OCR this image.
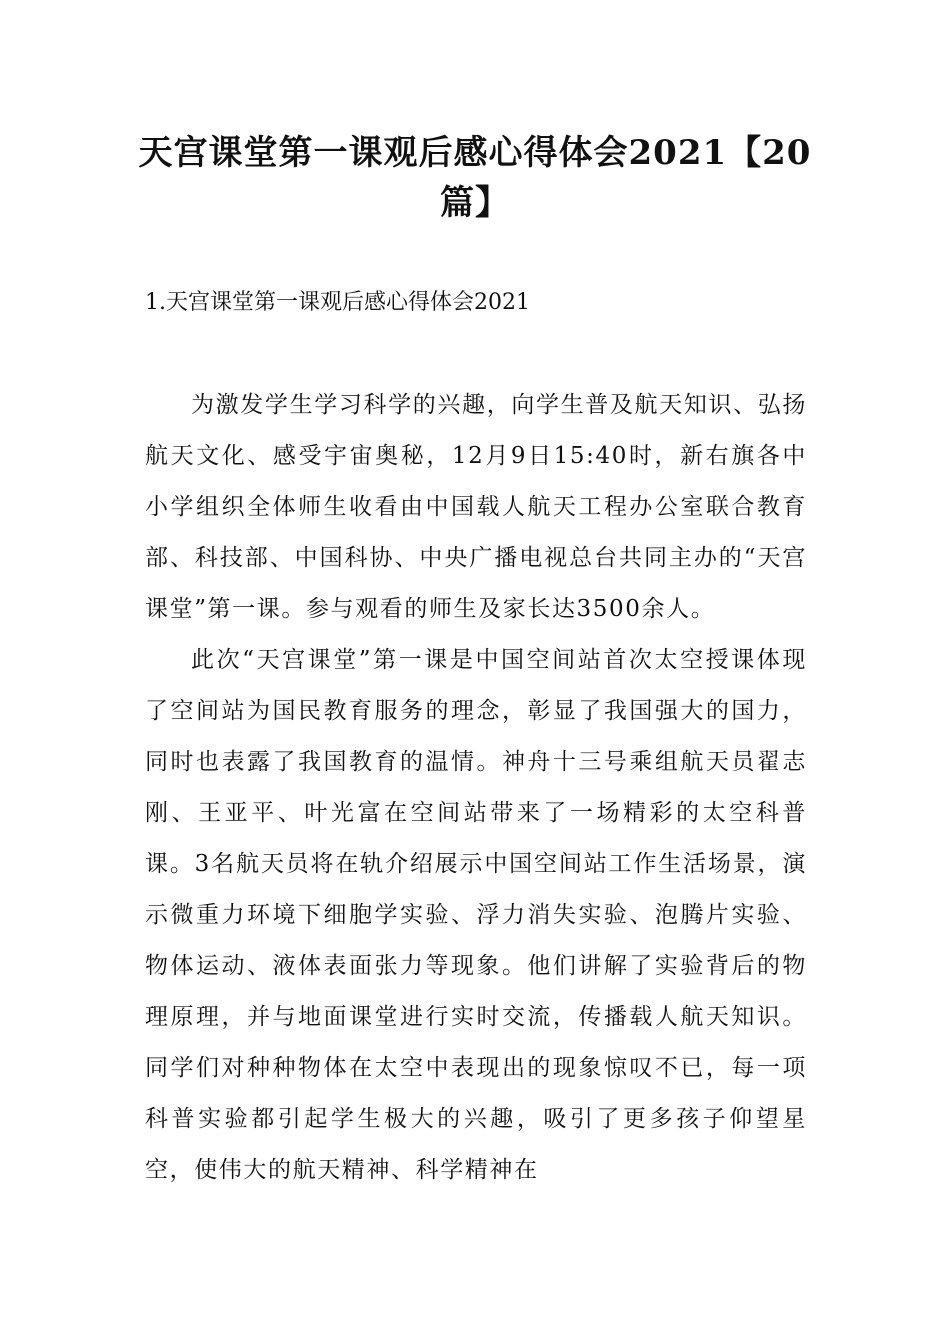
天宫课堂第一课观后感心得体会2021【20篇】
1.天宫课堂第一课观后感心得体会2021

为激发学生学习科学的兴趣，向学生普及航天知识、弘扬航天文化、感受宇宙奥秘，12月9日15:40时，新右旗各中小学组织全体师生收看由中国载人航天工程办公室联合教育部、科技部、中国科协、中央广播电视总台共同主办的“天宫课堂”第一课。参与观看的师生及家长达3500余人。

此次“天宫课堂”第一课是中国空间站首次太空授课体现了空间站为国民教育服务的理念，彰显了我国强大的国力，同时也表露了我国教育的温情。神舟十三号乘组航天员翟志刚、王亚平、叶光富在空间站带来了一场精彩的太空科普课。3名航天员将在轨介绍展示中国空间站工作生活场景，演示微重力环境下细胞学实验、浮力消失实验、泡腾片实验、物体运动、液体表面张力等现象。他们讲解了实验背后的物理原理，并与地面课堂进行实时交流，传播载人航天知识。同学们对种种物体在太空中表现出的现象惊叹不已，每一项科普实验都引起学生极大的兴趣，吸引了更多孩子仰望星空，使伟大的航天精神、科学精神在
